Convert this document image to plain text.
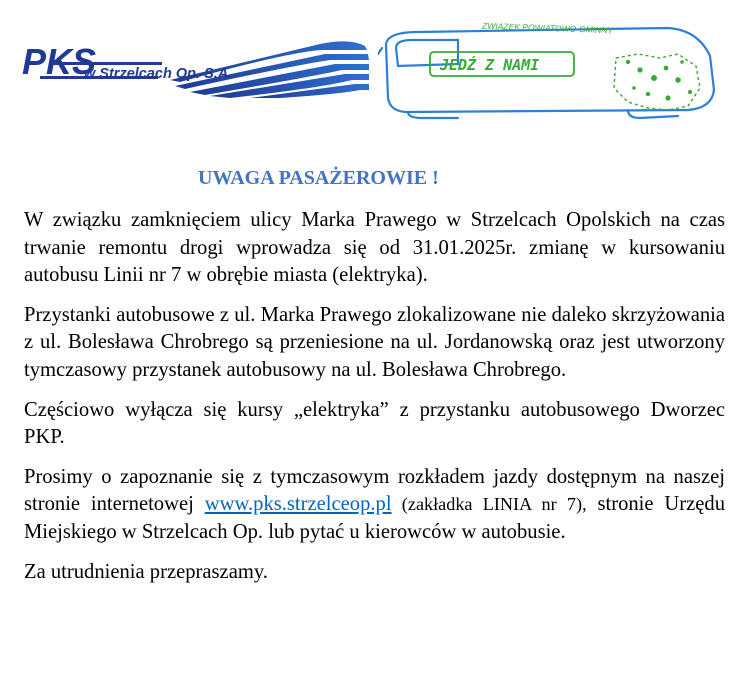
PKS
w Strzelcach Op. S.A.
ZWIĄZEK POWIATOWO-GMINNY
JEDŹ Z NAMI
UWAGA PASAŻEROWIE !

W związku zamknięciem ulicy Marka Prawego w Strzelcach Opolskich na czas trwanie remontu drogi wprowadza się od 31.01.2025r. zmianę w kursowaniu autobusu Linii nr 7 w obrębie miasta (elektryka).

Przystanki autobusowe z ul. Marka Prawego zlokalizowane nie daleko skrzyżowania z ul. Bolesława Chrobrego są przeniesione na ul. Jordanowską oraz jest utworzony tymczasowy przystanek autobusowy na ul. Bolesława Chrobrego.

Częściowo wyłącza się kursy „elektryka” z przystanku autobusowego Dworzec PKP.

Prosimy o zapoznanie się z tymczasowym rozkładem jazdy dostępnym na naszej stronie internetowej www.pks.strzelceop.pl (zakładka LINIA nr 7), stronie Urzędu Miejskiego w Strzelcach Op. lub pytać u kierowców w autobusie.

Za utrudnienia przepraszamy.
